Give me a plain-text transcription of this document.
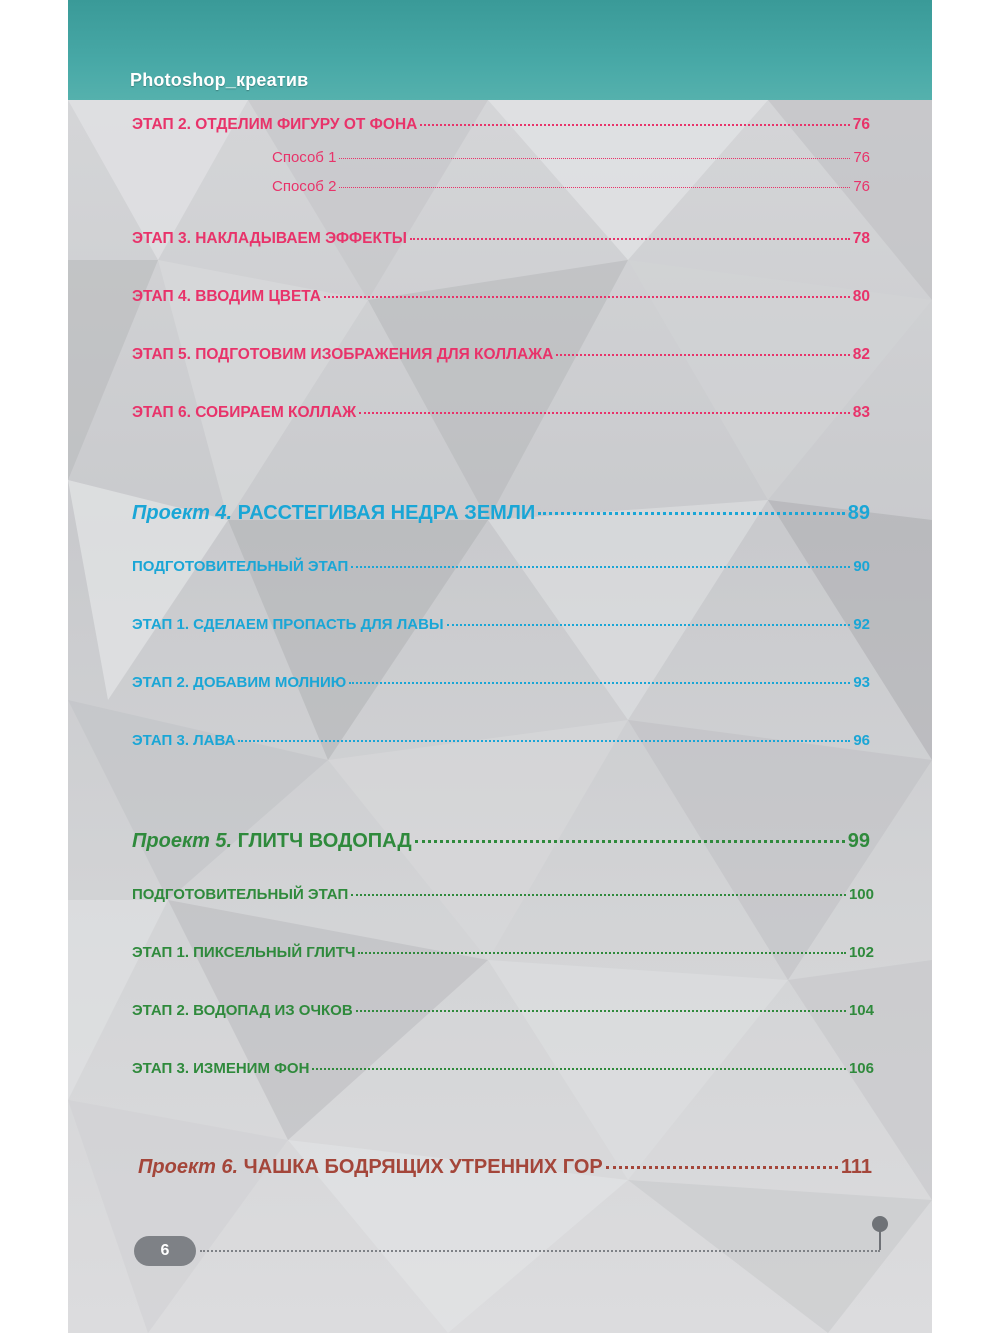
Photoshop_креатив
ЭТАП 2. ОТДЕЛИМ ФИГУРУ ОТ ФОНА	76
Способ 1	76
Способ 2	76
ЭТАП 3. НАКЛАДЫВАЕМ ЭФФЕКТЫ	78
ЭТАП 4. ВВОДИМ ЦВЕТА	80
ЭТАП 5. ПОДГОТОВИМ ИЗОБРАЖЕНИЯ ДЛЯ КОЛЛАЖА	82
ЭТАП 6. СОБИРАЕМ КОЛЛАЖ	83
Проект 4. РАССТЕГИВАЯ НЕДРА ЗЕМЛИ	89
ПОДГОТОВИТЕЛЬНЫЙ ЭТАП	90
ЭТАП 1. СДЕЛАЕМ ПРОПАСТЬ ДЛЯ ЛАВЫ	92
ЭТАП 2. ДОБАВИМ МОЛНИЮ	93
ЭТАП 3. ЛАВА	96
Проект 5. ГЛИТЧ ВОДОПАД	99
ПОДГОТОВИТЕЛЬНЫЙ ЭТАП	100
ЭТАП 1. ПИКСЕЛЬНЫЙ ГЛИТЧ	102
ЭТАП 2. ВОДОПАД ИЗ ОЧКОВ	104
ЭТАП 3. ИЗМЕНИМ ФОН	106
Проект 6. ЧАШКА БОДРЯЩИХ УТРЕННИХ ГОР	111
6
